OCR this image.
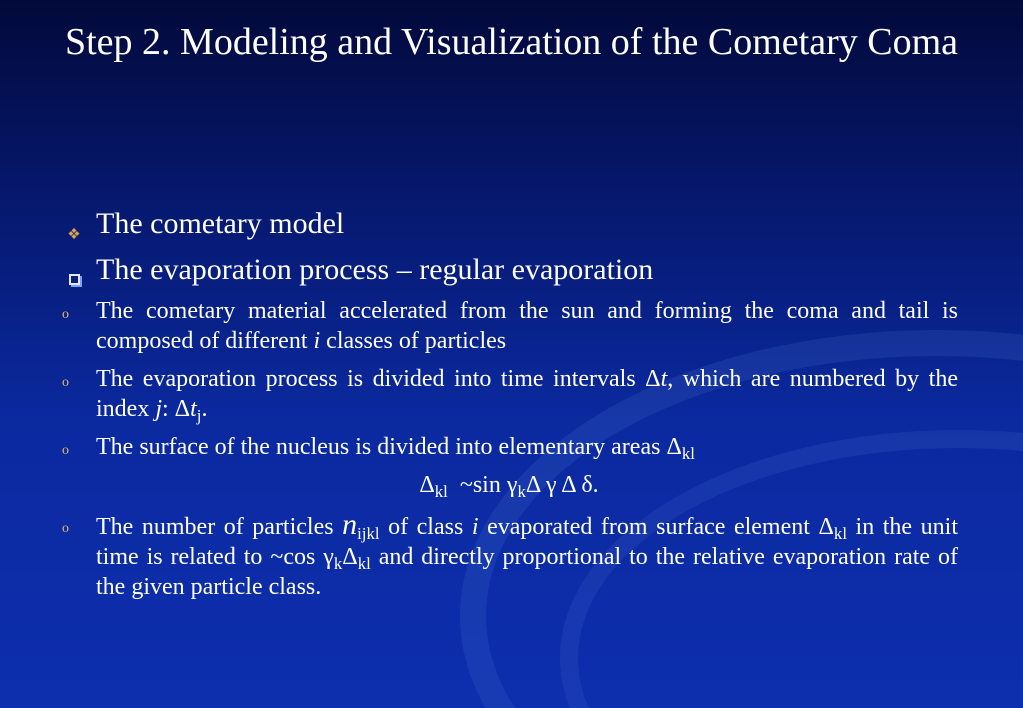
Step 2. Modeling and Visualization of the Cometary Coma
❖ The cometary model
The evaporation process – regular evaporation
o	The cometary material accelerated from the sun and forming the coma and tail is composed of different i classes of particles
o	The evaporation process is divided into time intervals Δt, which are numbered by the index j: $\Delta t_j$.
o	The surface of the nucleus is divided into elementary areas $\Delta_{kl}$
$\Delta_{kl}$  ~sin $\gamma_k\Delta$ γ Δ δ.
o	The number of particles $n_{ijkl}$ of class i evaporated from surface element $\Delta_{kl}$ in the unit time is related to ~cos $\gamma_k\Delta_{kl}$ and directly proportional to the relative evaporation rate of the given particle class.
